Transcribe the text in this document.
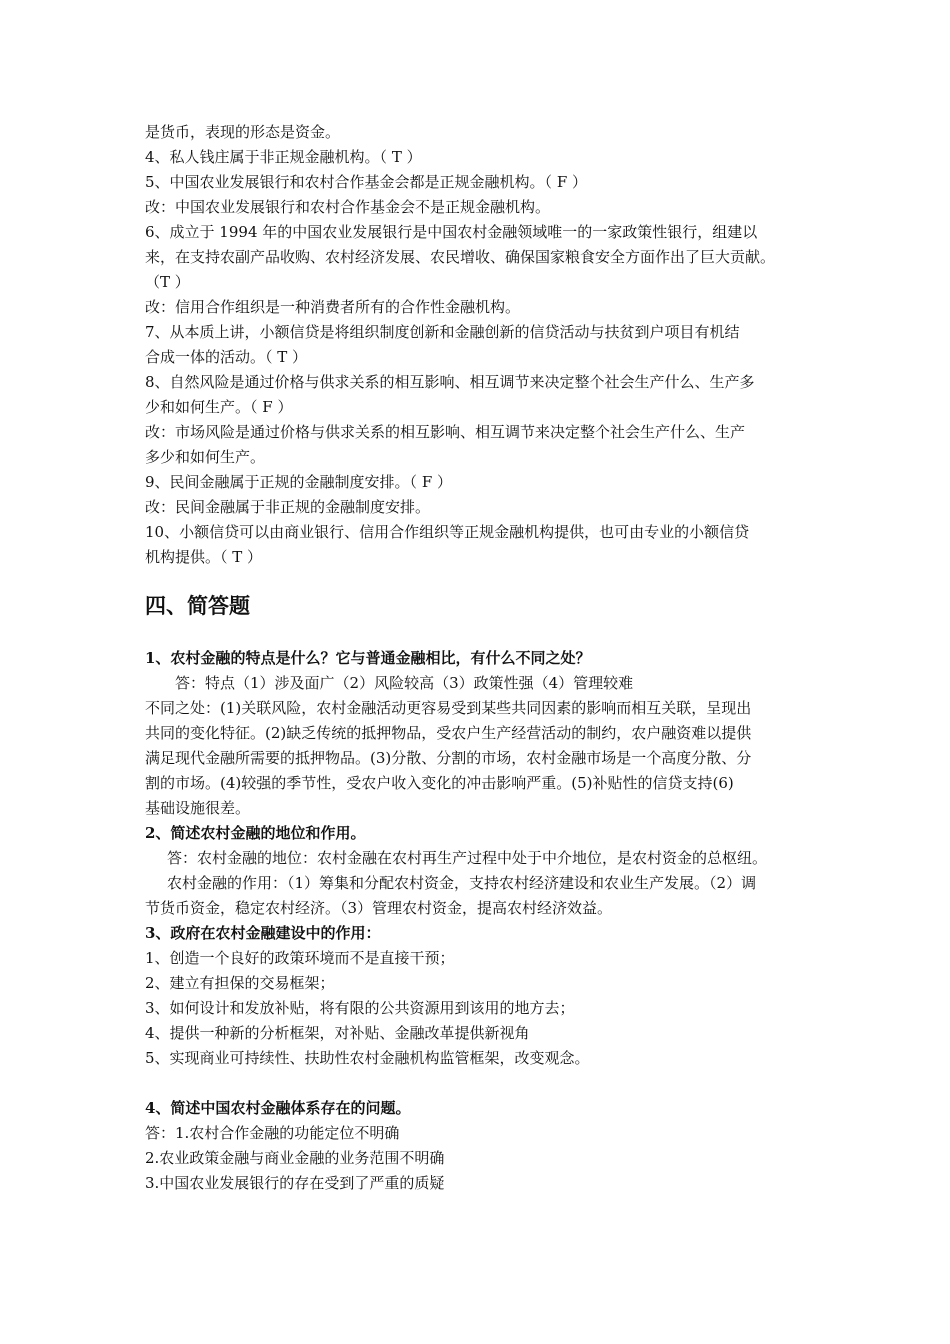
是货币，表现的形态是资金。
4、私人钱庄属于非正规金融机构。（ T ）
5、中国农业发展银行和农村合作基金会都是正规金融机构。（ F ）
改：中国农业发展银行和农村合作基金会不是正规金融机构。
6、成立于 1994 年的中国农业发展银行是中国农村金融领域唯一的一家政策性银行，组建以
来，在支持农副产品收购、农村经济发展、农民增收、确保国家粮食安全方面作出了巨大贡献。
（T ）
改：信用合作组织是一种消费者所有的合作性金融机构。
7、从本质上讲，小额信贷是将组织制度创新和金融创新的信贷活动与扶贫到户项目有机结
合成一体的活动。（ T ）
8、自然风险是通过价格与供求关系的相互影响、相互调节来决定整个社会生产什么、生产多
少和如何生产。（ F ）
改：市场风险是通过价格与供求关系的相互影响、相互调节来决定整个社会生产什么、生产
多少和如何生产。
9、民间金融属于正规的金融制度安排。（ F ）
改：民间金融属于非正规的金融制度安排。
10、小额信贷可以由商业银行、信用合作组织等正规金融机构提供，也可由专业的小额信贷
机构提供。（ T ）
四、简答题
1、农村金融的特点是什么？它与普通金融相比，有什么不同之处？
答：特点（1）涉及面广（2）风险较高（3）政策性强（4）管理较难
不同之处：(1)关联风险，农村金融活动更容易受到某些共同因素的影响而相互关联，呈现出
共同的变化特征。(2)缺乏传统的抵押物品，受农户生产经营活动的制约，农户融资难以提供
满足现代金融所需要的抵押物品。(3)分散、分割的市场，农村金融市场是一个高度分散、分
割的市场。(4)较强的季节性，受农户收入变化的冲击影响严重。(5)补贴性的信贷支持(6)
基础设施很差。
2、简述农村金融的地位和作用。
答：农村金融的地位：农村金融在农村再生产过程中处于中介地位，是农村资金的总枢纽。
农村金融的作用：（1）筹集和分配农村资金，支持农村经济建设和农业生产发展。（2）调
节货币资金，稳定农村经济。（3）管理农村资金，提高农村经济效益。
3、政府在农村金融建设中的作用：
1、创造一个良好的政策环境而不是直接干预；
2、建立有担保的交易框架；
3、如何设计和发放补贴，将有限的公共资源用到该用的地方去；
4、提供一种新的分析框架，对补贴、金融改革提供新视角
5、实现商业可持续性、扶助性农村金融机构监管框架，改变观念。
4、简述中国农村金融体系存在的问题。
答：1.农村合作金融的功能定位不明确
2.农业政策金融与商业金融的业务范围不明确
3.中国农业发展银行的存在受到了严重的质疑
